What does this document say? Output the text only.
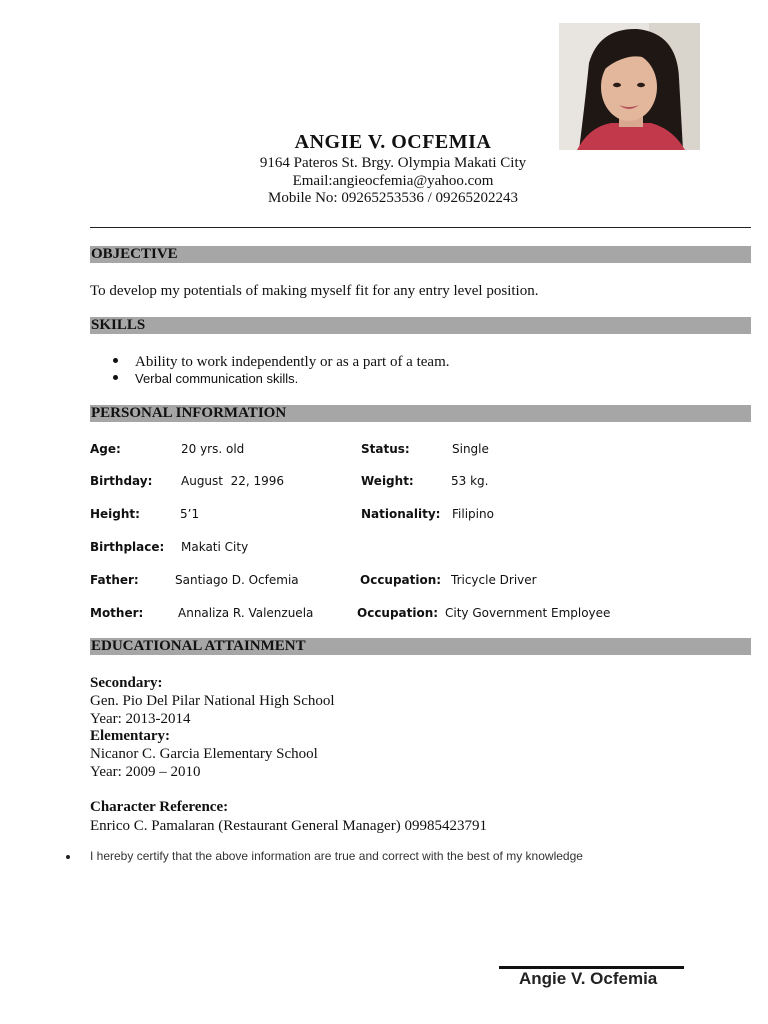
ANGIE V. OCFEMIA
9164 Pateros St. Brgy. Olympia Makati City
Email:angieocfemia@yahoo.com
Mobile No: 09265253536 / 09265202243
OBJECTIVE
To develop my potentials of making myself fit for any entry level position.
SKILLS
Ability to work independently or as a part of a team.
Verbal communication skills.
PERSONAL INFORMATION
Age:	20 yrs. old	Status:	Single
Birthday: August  22, 1996	Weight:	53 kg.
Height:	5’1	Nationality: Filipino
Birthplace: Makati City
Father:	Santiago D. Ocfemia	Occupation: Tricycle Driver
Mother:	Annaliza R. Valenzuela	Occupation: City Government Employee
EDUCATIONAL ATTAINMENT
Secondary:
Gen. Pio Del Pilar National High School
Year: 2013-2014
Elementary:
Nicanor C. Garcia Elementary School
Year: 2009 – 2010
Character Reference:
Enrico C. Pamalaran (Restaurant General Manager) 09985423791
I hereby certify that the above information are true and correct with the best of my knowledge
Angie V. Ocfemia
